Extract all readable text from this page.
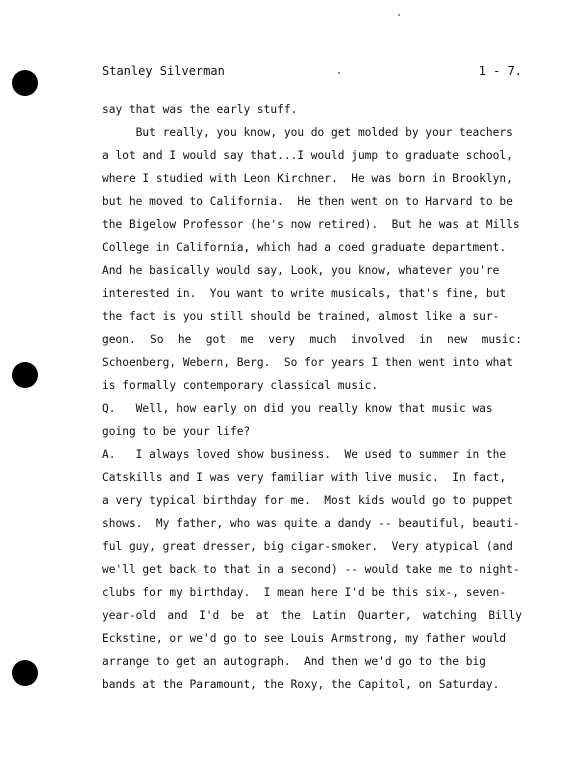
Stanley Silverman	1 - 7.
say that was the early stuff.
But really, you know, you do get molded by your teachers
a lot and I would say that...I would jump to graduate school,
where I studied with Leon Kirchner.  He was born in Brooklyn,
but he moved to California.  He then went on to Harvard to be
the Bigelow Professor (he's now retired).  But he was at Mills
College in California, which had a coed graduate department.
And he basically would say, Look, you know, whatever you're
interested in.  You want to write musicals, that's fine, but
the fact is you still should be trained, almost like a sur-
geon. So he got me very much involved in new music:
Schoenberg, Webern, Berg.  So for years I then went into what
is formally contemporary classical music.
Q.   Well, how early on did you really know that music was
going to be your life?
A.   I always loved show business.  We used to summer in the
Catskills and I was very familiar with live music.  In fact,
a very typical birthday for me.  Most kids would go to puppet
shows.  My father, who was quite a dandy -- beautiful, beauti-
ful guy, great dresser, big cigar-smoker.  Very atypical (and
we'll get back to that in a second) -- would take me to night-
clubs for my birthday.  I mean here I'd be this six-, seven-
year-old and I'd be at the Latin Quarter, watching Billy
Eckstine, or we'd go to see Louis Armstrong, my father would
arrange to get an autograph.  And then we'd go to the big
bands at the Paramount, the Roxy, the Capitol, on Saturday.
